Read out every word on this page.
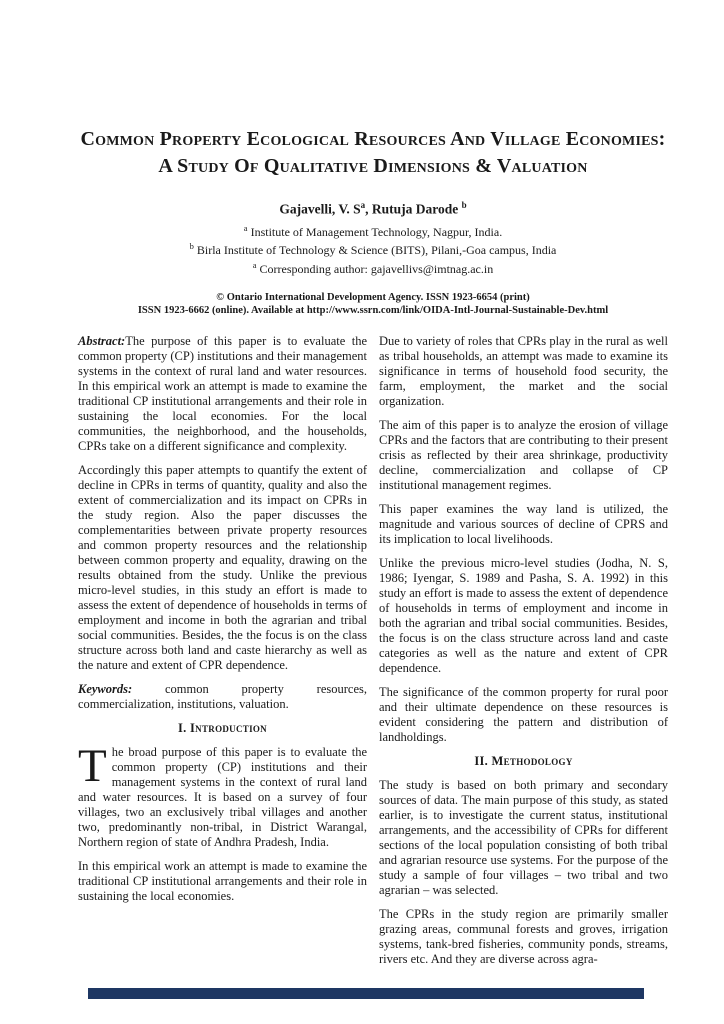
Common Property Ecological Resources And Village Economies: A Study Of Qualitative Dimensions & Valuation
Gajavelli, V. $S^a$, Rutuja Darode $^b$
$^a$ Institute of Management Technology, Nagpur, India.
$^b$ Birla Institute of Technology & Science (BITS), Pilani,-Goa campus, India
$^a$ Corresponding author: gajavellivs@imtnag.ac.in
© Ontario International Development Agency. ISSN 1923-6654 (print)
ISSN 1923-6662 (online). Available at http://www.ssrn.com/link/OIDA-Intl-Journal-Sustainable-Dev.html

Abstract:The purpose of this paper is to evaluate the common property (CP) institutions and their management systems in the context of rural land and water resources. In this empirical work an attempt is made to examine the traditional CP institutional arrangements and their role in sustaining the local economies. For the local communities, the neighborhood, and the households, CPRs take on a different significance and complexity.

Accordingly this paper attempts to quantify the extent of decline in CPRs in terms of quantity, quality and also the extent of commercialization and its impact on CPRs in the study region. Also the paper discusses the complementarities between private property resources and common property resources and the relationship between common property and equality, drawing on the results obtained from the study. Unlike the previous micro-level studies, in this study an effort is made to assess the extent of dependence of households in terms of employment and income in both the agrarian and tribal social communities. Besides, the the focus is on the class structure across both land and caste hierarchy as well as the nature and extent of CPR dependence.

Keywords: common property resources, commercialization, institutions, valuation.

I. Introduction

The broad purpose of this paper is to evaluate the common property (CP) institutions and their management systems in the context of rural land and water resources. It is based on a survey of four villages, two an exclusively tribal villages and another two, predominantly non-tribal, in District Warangal, Northern region of state of Andhra Pradesh, India.

In this empirical work an attempt is made to examine the traditional CP institutional arrangements and their role in sustaining the local economies.

Due to variety of roles that CPRs play in the rural as well as tribal households, an attempt was made to examine its significance in terms of household food security, the farm, employment, the market and the social organization.

The aim of this paper is to analyze the erosion of village CPRs and the factors that are contributing to their present crisis as reflected by their area shrinkage, productivity decline, commercialization and collapse of CP institutional management regimes.

This paper examines the way land is utilized, the magnitude and various sources of decline of CPRS and its implication to local livelihoods.

Unlike the previous micro-level studies (Jodha, N. S, 1986; Iyengar, S. 1989 and Pasha, S. A. 1992) in this study an effort is made to assess the extent of dependence of households in terms of employment and income in both the agrarian and tribal social communities. Besides, the focus is on the class structure across land and caste categories as well as the nature and extent of CPR dependence.

The significance of the common property for rural poor and their ultimate dependence on these resources is evident considering the pattern and distribution of landholdings.

II. Methodology

The study is based on both primary and secondary sources of data. The main purpose of this study, as stated earlier, is to investigate the current status, institutional arrangements, and the accessibility of CPRs for different sections of the local population consisting of both tribal and agrarian resource use systems. For the purpose of the study a sample of four villages – two tribal and two agrarian – was selected.

The CPRs in the study region are primarily smaller grazing areas, communal forests and groves, irrigation systems, tank-bred fisheries, community ponds, streams, rivers etc. And they are diverse across agra-
